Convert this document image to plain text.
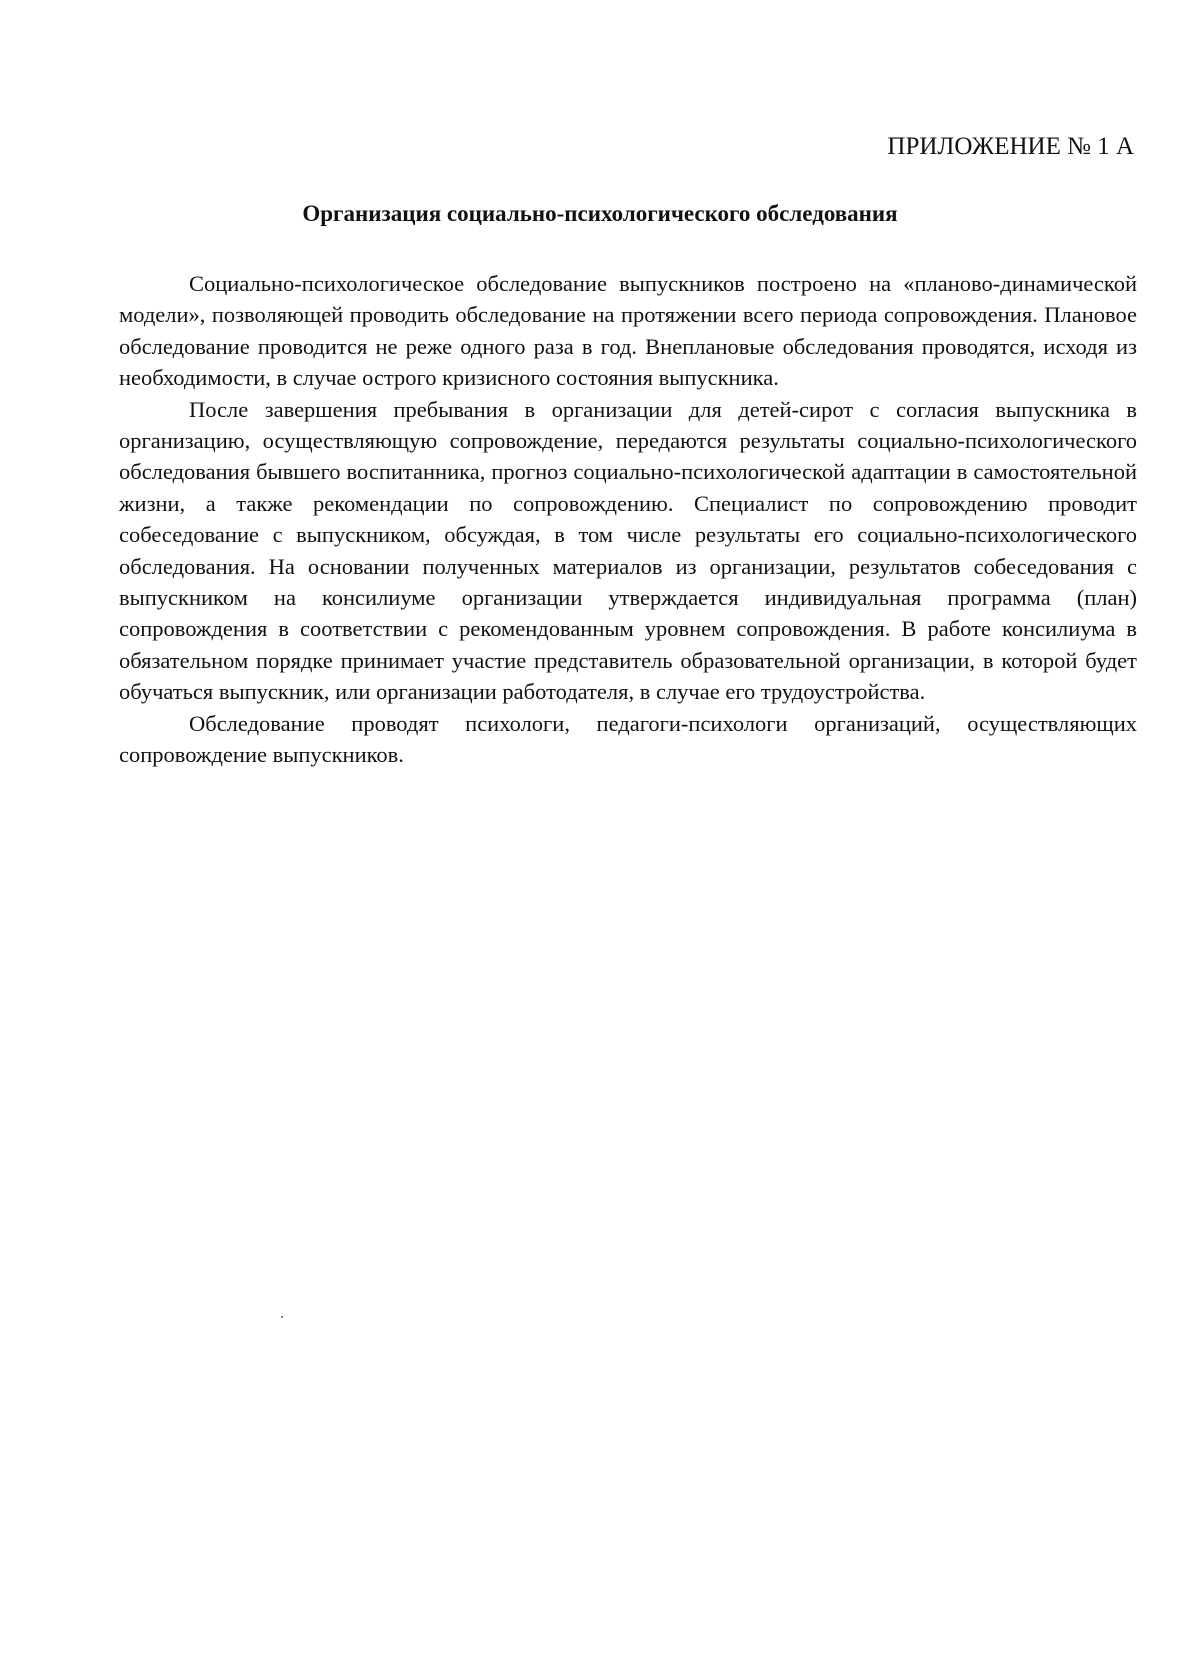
ПРИЛОЖЕНИЕ № 1 А
Организация социально-психологического обследования

Социально-психологическое обследование выпускников построено на «планово-динамической модели», позволяющей проводить обследование на протяжении всего периода сопровождения. Плановое обследование проводится не реже одного раза в год. Внеплановые обследования проводятся, исходя из необходимости, в случае острого кризисного состояния выпускника.

После завершения пребывания в организации для детей-сирот с согласия выпускника в организацию, осуществляющую сопровождение, передаются результаты социально-психологического обследования бывшего воспитанника, прогноз социально-психологической адаптации в самостоятельной жизни, а также рекомендации по сопровождению. Специалист по сопровождению проводит собеседование с выпускником, обсуждая, в том числе результаты его социально-психологического обследования. На основании полученных материалов из организации, результатов собеседования с выпускником на консилиуме организации утверждается индивидуальная программа (план) сопровождения в соответствии с рекомендованным уровнем сопровождения. В работе консилиума в обязательном порядке принимает участие представитель образовательной организации, в которой будет обучаться выпускник, или организации работодателя, в случае его трудоустройства.

Обследование проводят психологи, педагоги-психологи организаций, осуществляющих сопровождение выпускников.
